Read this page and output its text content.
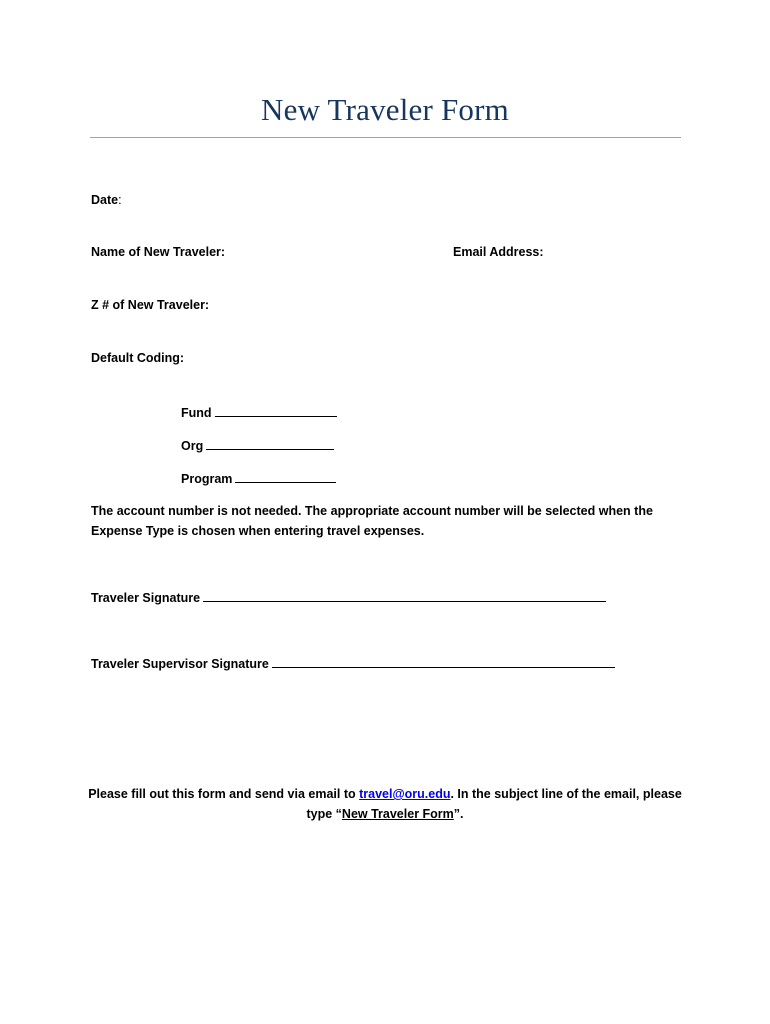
New Traveler Form
Date:
Name of New Traveler:	Email Address:
Z # of New Traveler:
Default Coding:
Fund
Org
Program
The account number is not needed. The appropriate account number will be selected when the Expense Type is chosen when entering travel expenses.
Traveler Signature
Traveler Supervisor Signature
Please fill out this form and send via email to travel@oru.edu. In the subject line of the email, please type “New Traveler Form”.
